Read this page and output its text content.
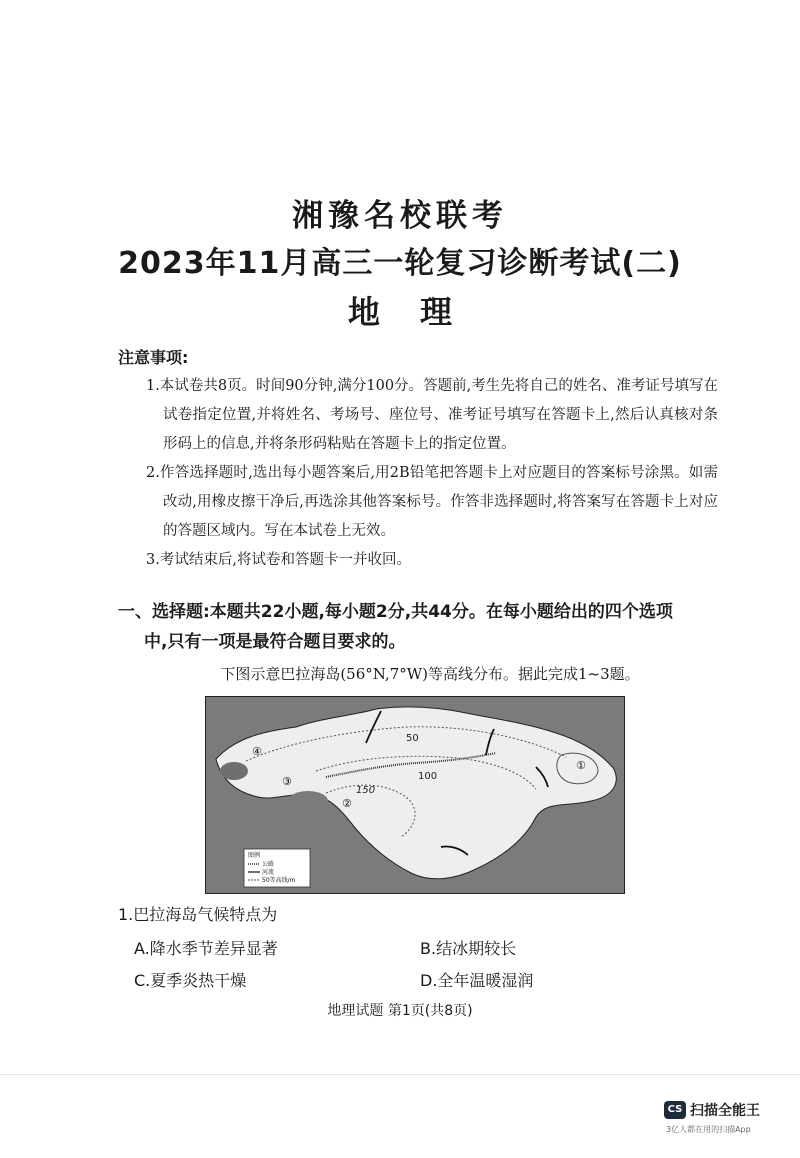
湘豫名校联考
2023年11月高三一轮复习诊断考试(二)
地理
注意事项:
1.本试卷共8页。时间90分钟,满分100分。答题前,考生先将自己的姓名、准考证号填写在试卷指定位置,并将姓名、考场号、座位号、准考证号填写在答题卡上,然后认真核对条形码上的信息,并将条形码粘贴在答题卡上的指定位置。
2.作答选择题时,选出每小题答案后,用2B铅笔把答题卡上对应题目的答案标号涂黑。如需改动,用橡皮擦干净后,再选涂其他答案标号。作答非选择题时,将答案写在答题卡上对应的答题区域内。写在本试卷上无效。
3.考试结束后,将试卷和答题卡一并收回。
一、选择题:本题共22小题,每小题2分,共44分。在每小题给出的四个选项
中,只有一项是最符合题目要求的。
下图示意巴拉海岛(56°N,7°W)等高线分布。据此完成1~3题。
50
100
150
①
②
③
④
图例
公路
河流
50等高线/m
1.巴拉海岛气候特点为
A.降水季节差异显著	B.结冰期较长
C.夏季炎热干燥	D.全年温暖湿润
地理试题 第1页(共8页)
CS 扫描全能王
3亿人都在用的扫描App
